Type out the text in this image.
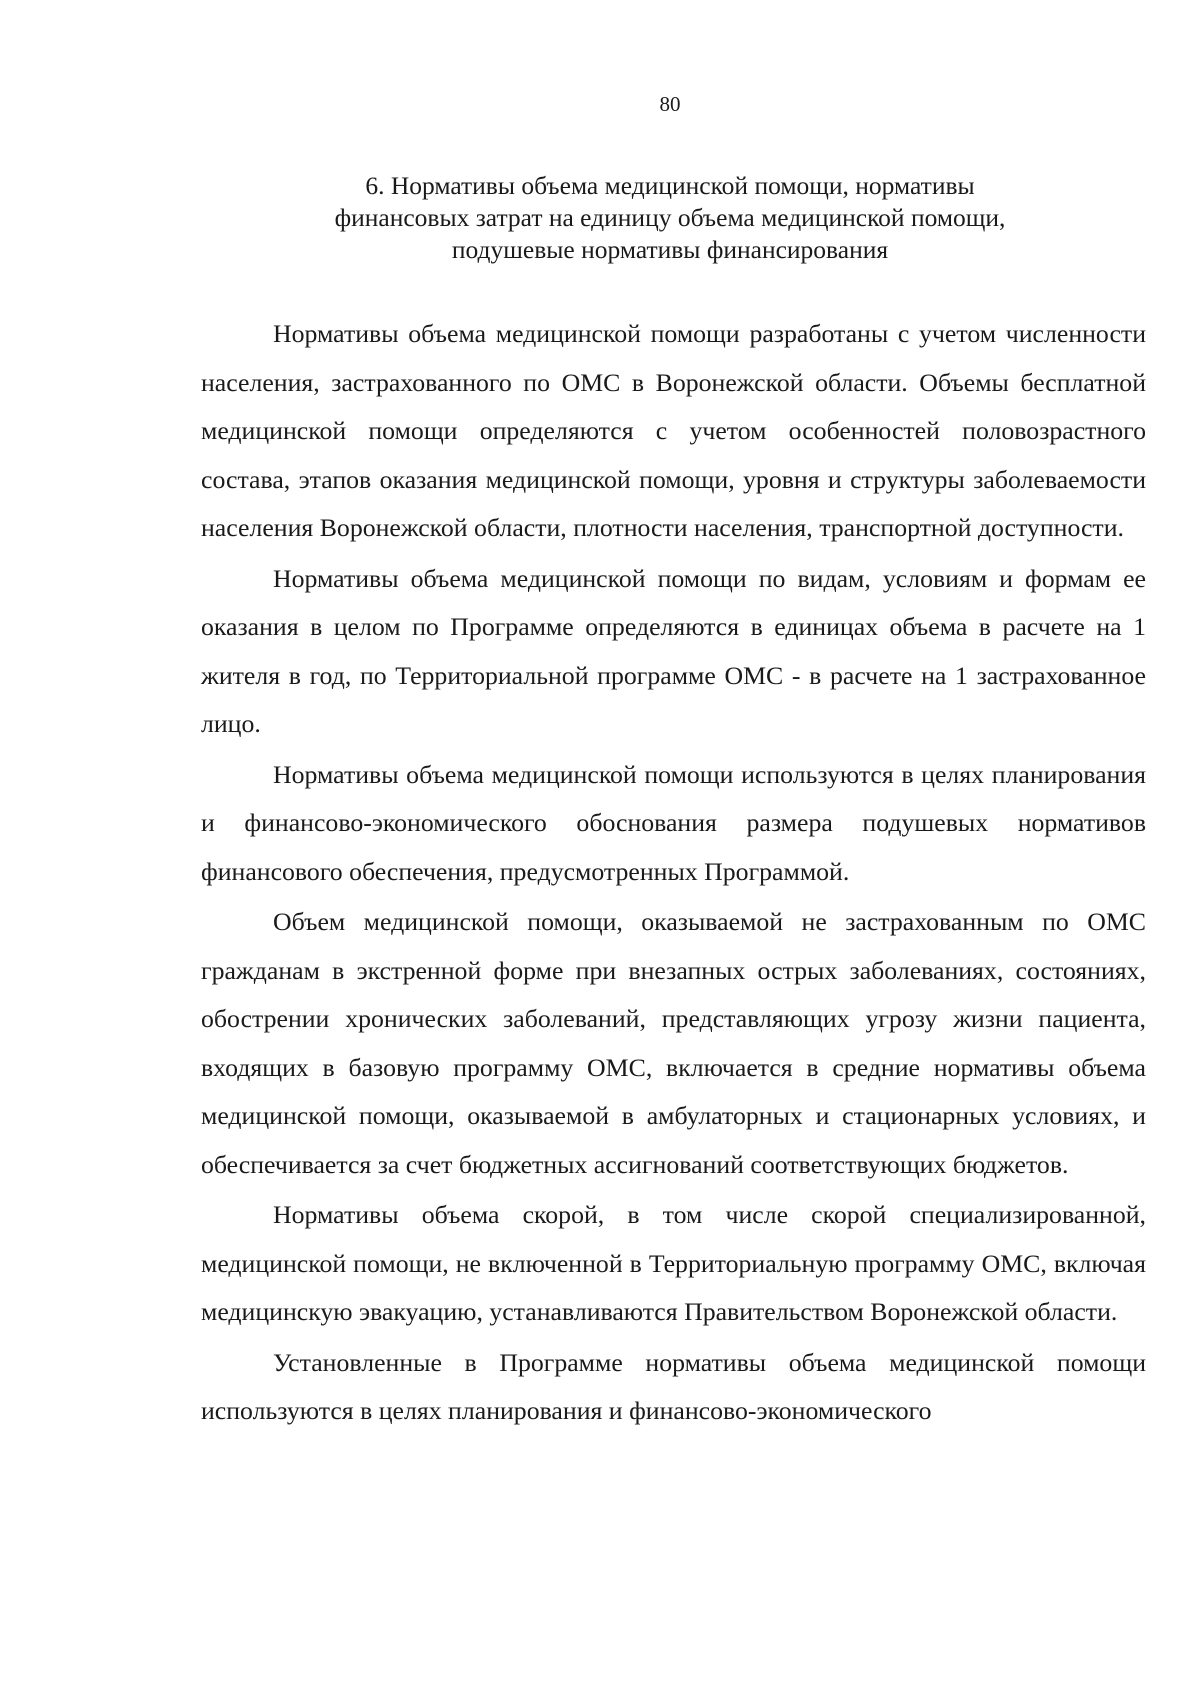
80
6. Нормативы объема медицинской помощи, нормативы
финансовых затрат на единицу объема медицинской помощи,
подушевые нормативы финансирования

Нормативы объема медицинской помощи разработаны с учетом численности населения, застрахованного по ОМС в Воронежской области. Объемы бесплатной медицинской помощи определяются с учетом особенностей половозрастного состава, этапов оказания медицинской помощи, уровня и структуры заболеваемости населения Воронежской области, плотности населения, транспортной доступности.

Нормативы объема медицинской помощи по видам, условиям и формам ее оказания в целом по Программе определяются в единицах объема в расчете на 1 жителя в год, по Территориальной программе ОМС - в расчете на 1 застрахованное лицо.

Нормативы объема медицинской помощи используются в целях планирования и финансово-экономического обоснования размера подушевых нормативов финансового обеспечения, предусмотренных Программой.

Объем медицинской помощи, оказываемой не застрахованным по ОМС гражданам в экстренной форме при внезапных острых заболеваниях, состояниях, обострении хронических заболеваний, представляющих угрозу жизни пациента, входящих в базовую программу ОМС, включается в средние нормативы объема медицинской помощи, оказываемой в амбулаторных и стационарных условиях, и обеспечивается за счет бюджетных ассигнований соответствующих бюджетов.

Нормативы объема скорой, в том числе скорой специализированной, медицинской помощи, не включенной в Территориальную программу ОМС, включая медицинскую эвакуацию, устанавливаются Правительством Воронежской области.

Установленные в Программе нормативы объема медицинской помощи используются в целях планирования и финансово-экономического
